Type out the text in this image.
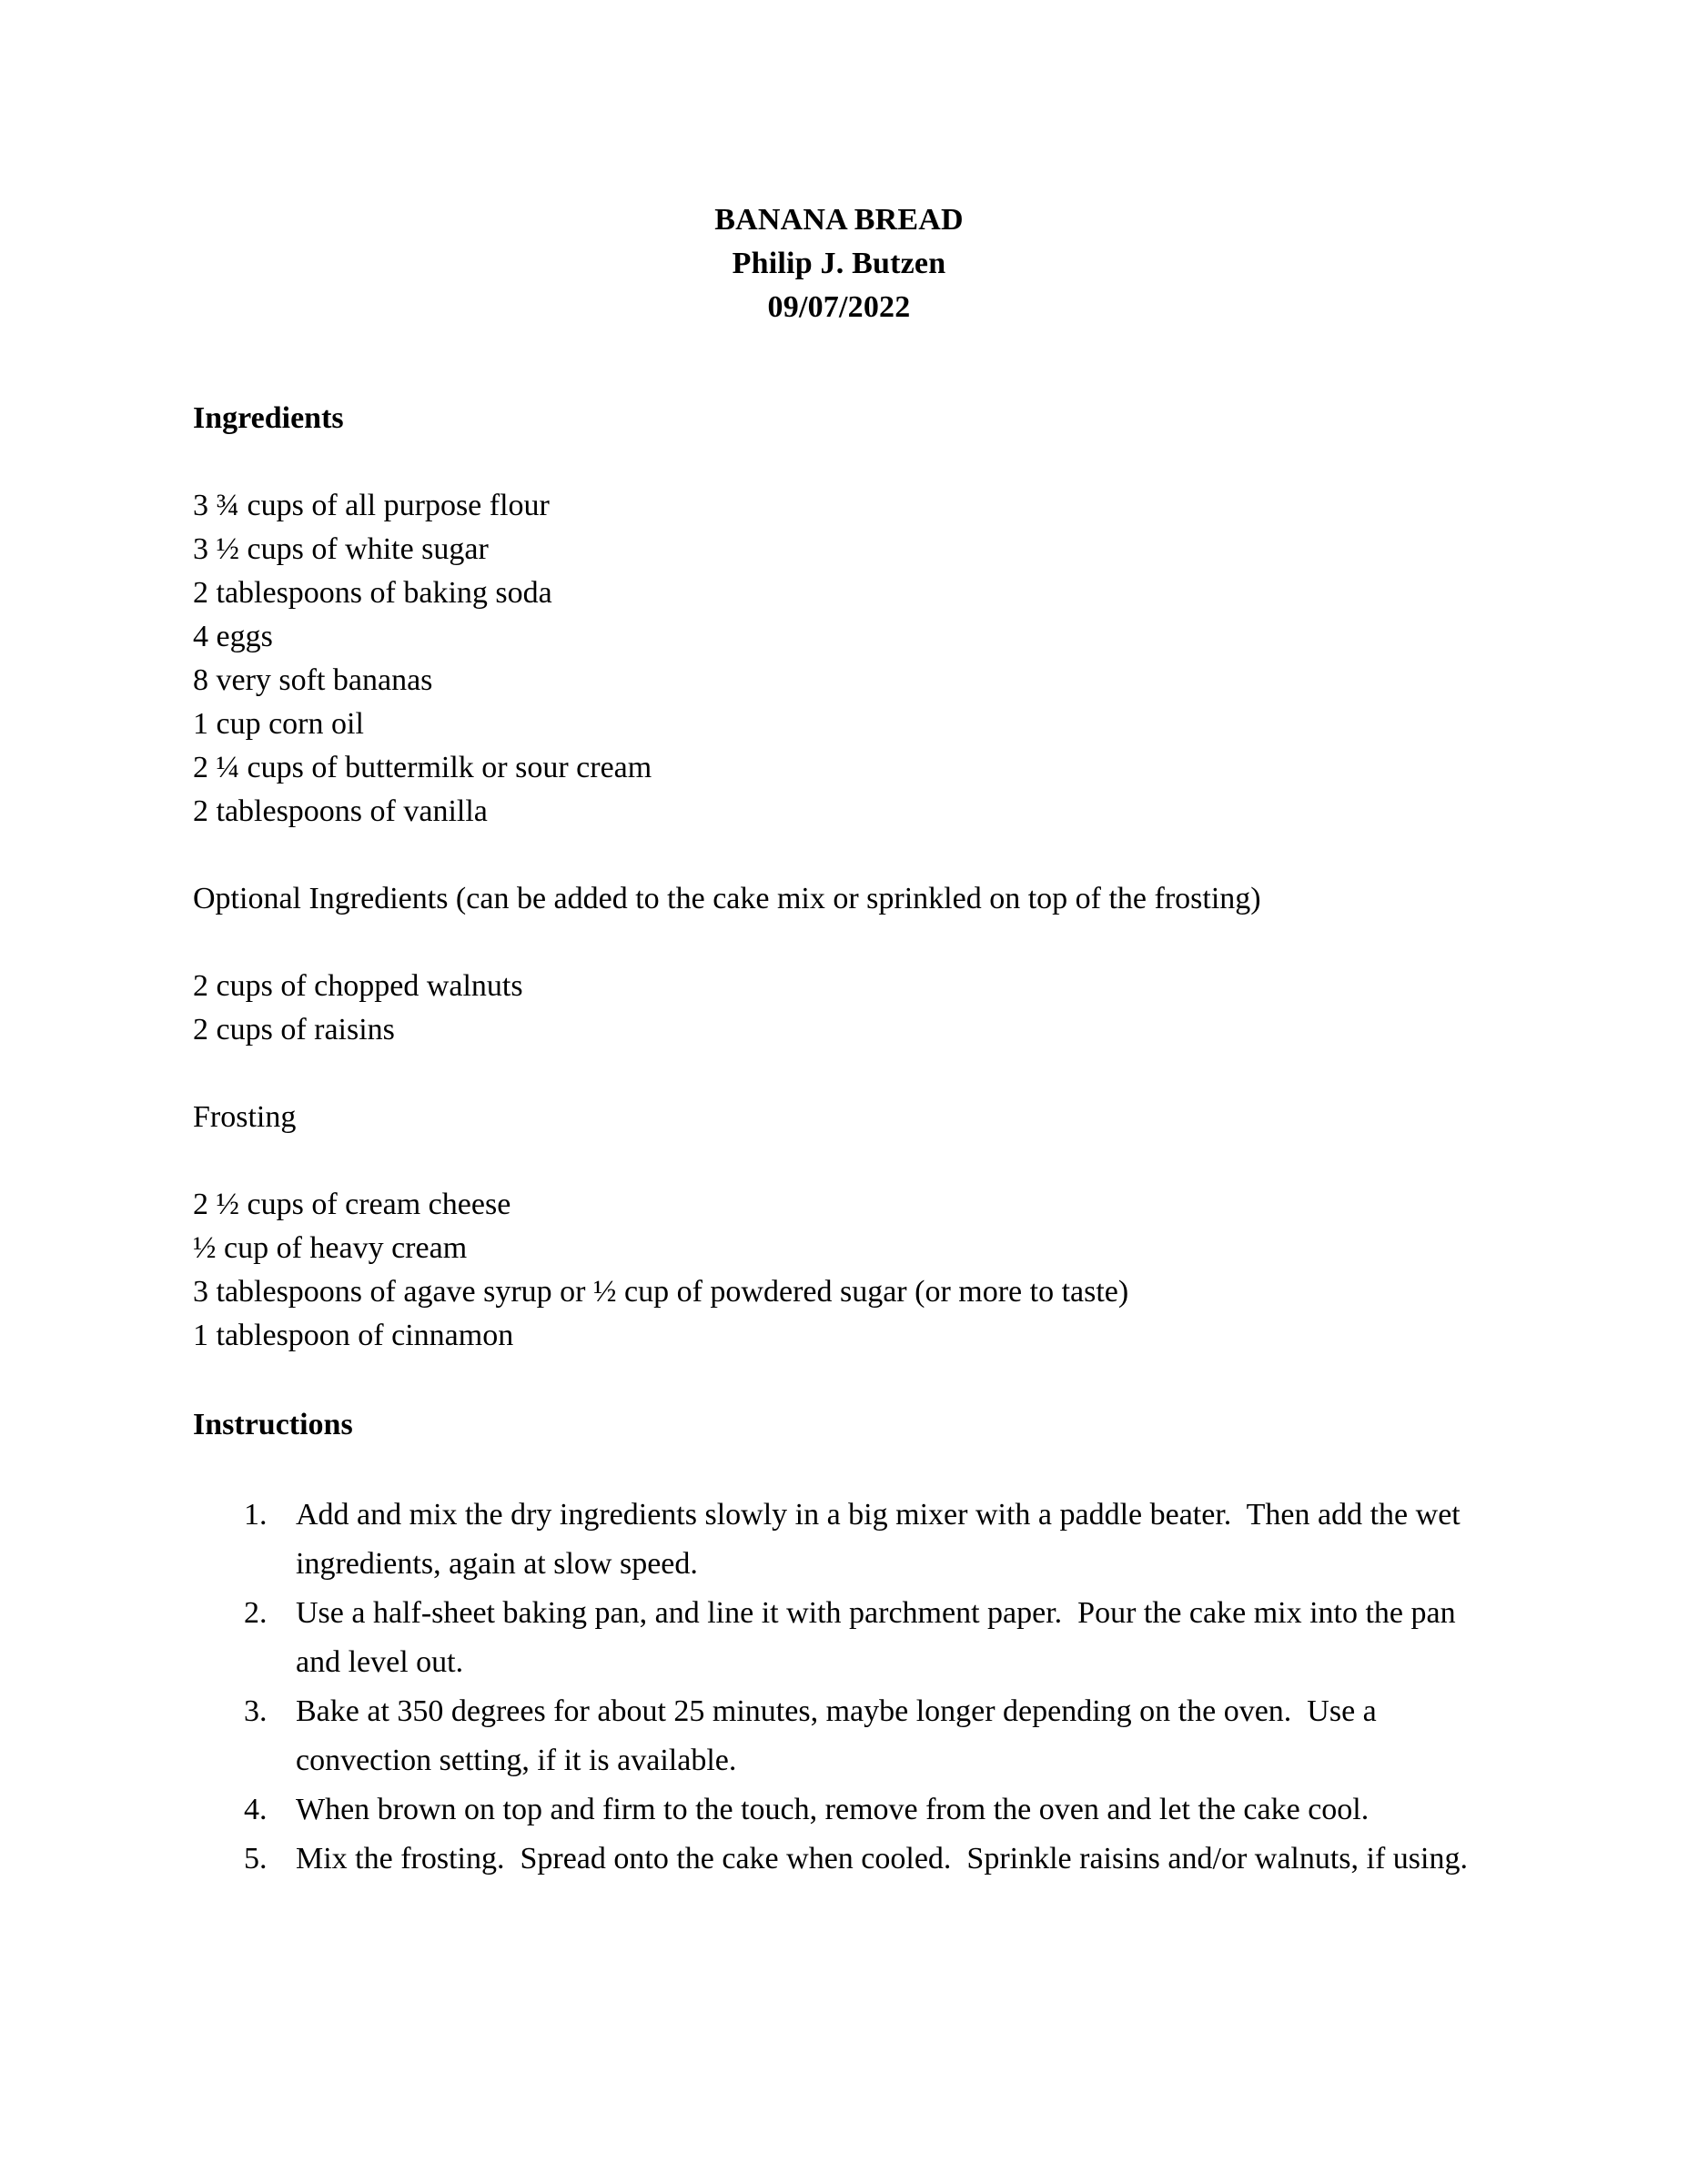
BANANA BREAD
Philip J. Butzen
09/07/2022
Ingredients
3 ¾ cups of all purpose flour
3 ½ cups of white sugar
2 tablespoons of baking soda
4 eggs
8 very soft bananas
1 cup corn oil
2 ¼ cups of buttermilk or sour cream
2 tablespoons of vanilla
Optional Ingredients (can be added to the cake mix or sprinkled on top of the frosting)
2 cups of chopped walnuts
2 cups of raisins
Frosting
2 ½ cups of cream cheese
½ cup of heavy cream
3 tablespoons of agave syrup or ½ cup of powdered sugar (or more to taste)
1 tablespoon of cinnamon
Instructions
1. Add and mix the dry ingredients slowly in a big mixer with a paddle beater.  Then add the wet ingredients, again at slow speed.
2. Use a half-sheet baking pan, and line it with parchment paper.  Pour the cake mix into the pan and level out.
3. Bake at 350 degrees for about 25 minutes, maybe longer depending on the oven.  Use a convection setting, if it is available.
4. When brown on top and firm to the touch, remove from the oven and let the cake cool.
5. Mix the frosting.  Spread onto the cake when cooled.  Sprinkle raisins and/or walnuts, if using.
